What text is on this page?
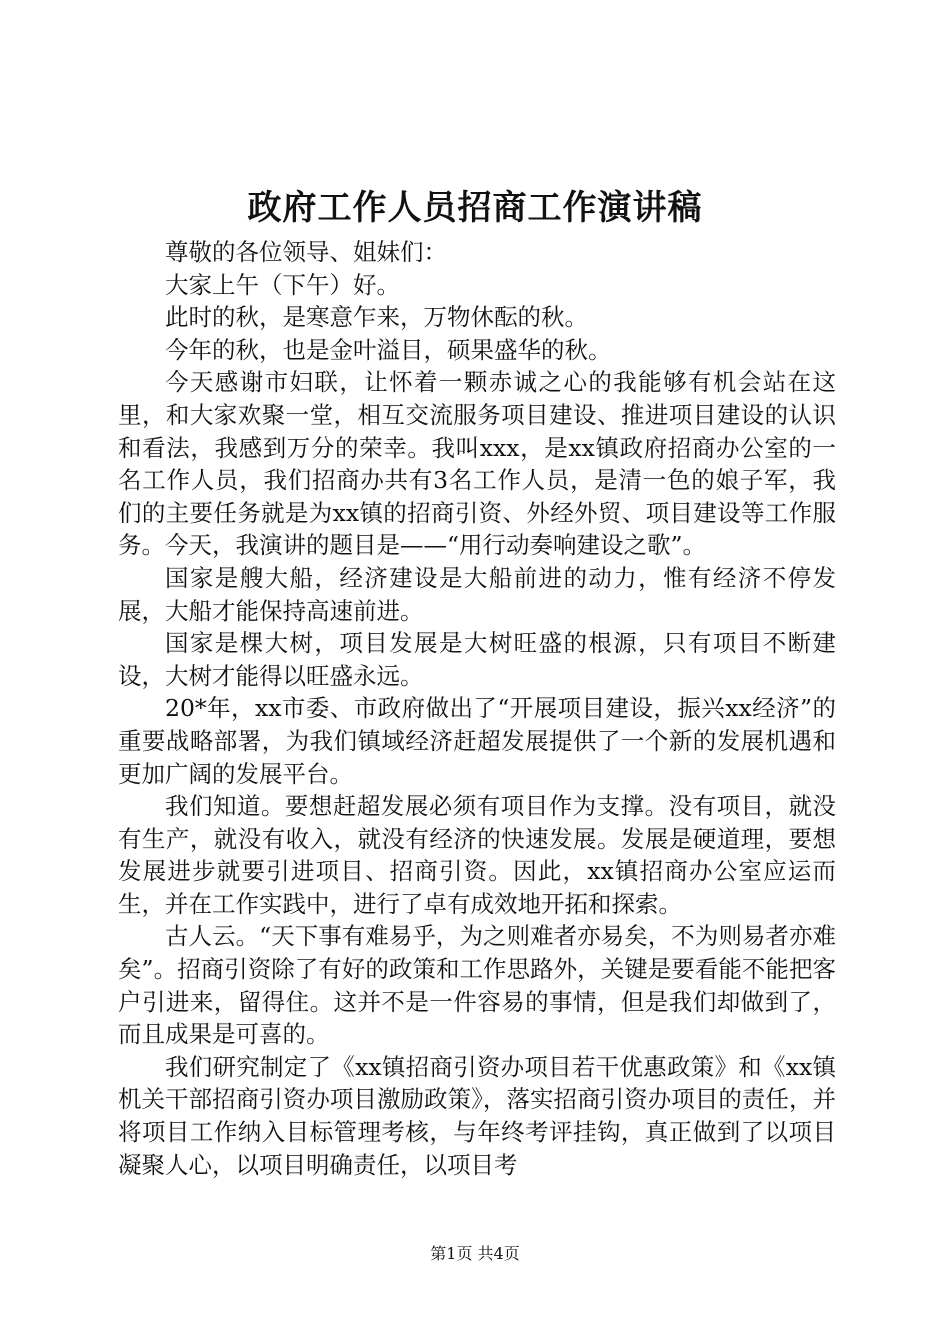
政府工作人员招商工作演讲稿

尊敬的各位领导、姐妹们：

大家上午（下午）好。

此时的秋，是寒意乍来，万物休酝的秋。

今年的秋，也是金叶溢目，硕果盛华的秋。

今天感谢市妇联，让怀着一颗赤诚之心的我能够有机会站在这里，和大家欢聚一堂，相互交流服务项目建设、推进项目建设的认识和看法，我感到万分的荣幸。我叫xxx，是xx镇政府招商办公室的一名工作人员，我们招商办共有3名工作人员，是清一色的娘子军，我们的主要任务就是为xx镇的招商引资、外经外贸、项目建设等工作服务。今天，我演讲的题目是——“用行动奏响建设之歌”。

国家是艘大船，经济建设是大船前进的动力，惟有经济不停发展，大船才能保持高速前进。

国家是棵大树，项目发展是大树旺盛的根源，只有项目不断建设，大树才能得以旺盛永远。

20*年，xx市委、市政府做出了“开展项目建设，振兴xx经济”的重要战略部署，为我们镇域经济赶超发展提供了一个新的发展机遇和更加广阔的发展平台。

我们知道。要想赶超发展必须有项目作为支撑。没有项目，就没有生产，就没有收入，就没有经济的快速发展。发展是硬道理，要想发展进步就要引进项目、招商引资。因此，xx镇招商办公室应运而生，并在工作实践中，进行了卓有成效地开拓和探索。

古人云。“天下事有难易乎，为之则难者亦易矣，不为则易者亦难矣”。招商引资除了有好的政策和工作思路外，关键是要看能不能把客户引进来，留得住。这并不是一件容易的事情，但是我们却做到了，而且成果是可喜的。

我们研究制定了《xx镇招商引资办项目若干优惠政策》和《xx镇机关干部招商引资办项目激励政策》，落实招商引资办项目的责任，并将项目工作纳入目标管理考核，与年终考评挂钩，真正做到了以项目凝聚人心，以项目明确责任，以项目考

第1页 共4页
